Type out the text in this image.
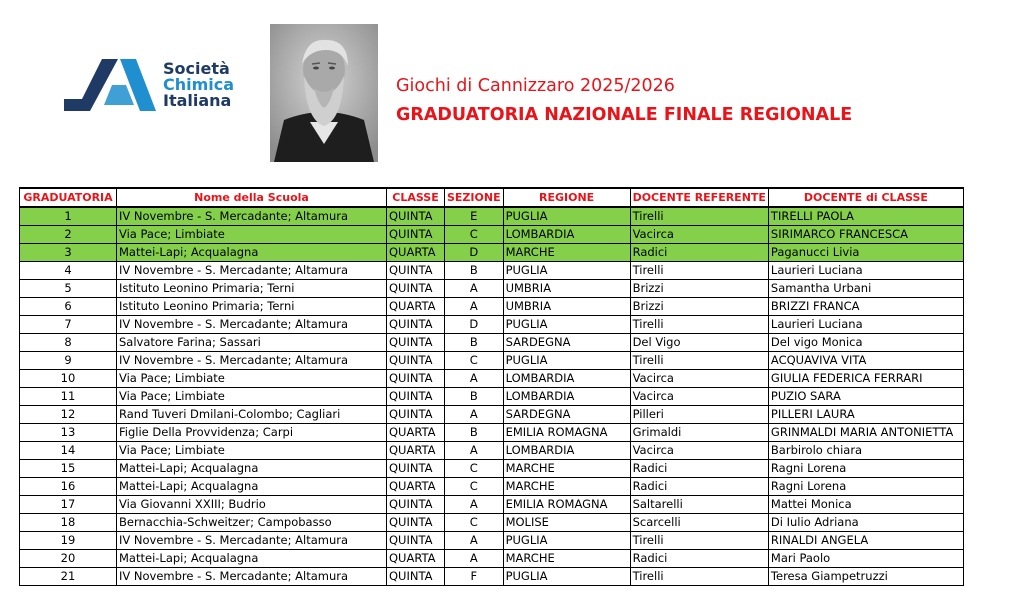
Società
Chimica
Italiana
Giochi di Cannizzaro 2025/2026
GRADUATORIA NAZIONALE FINALE REGIONALE
GRADUATORIA	Nome della Scuola	CLASSE	SEZIONE	REGIONE	DOCENTE REFERENTE	DOCENTE di CLASSE
1	IV Novembre - S. Mercadante; Altamura	QUINTA	E	PUGLIA	Tirelli	TIRELLI PAOLA
2	Via Pace; Limbiate	QUINTA	C	LOMBARDIA	Vacirca	SIRIMARCO FRANCESCA
3	Mattei-Lapi; Acqualagna	QUARTA	D	MARCHE	Radici	Paganucci Livia
4	IV Novembre - S. Mercadante; Altamura	QUINTA	B	PUGLIA	Tirelli	Laurieri Luciana
5	Istituto Leonino Primaria; Terni	QUINTA	A	UMBRIA	Brizzi	Samantha Urbani
6	Istituto Leonino Primaria; Terni	QUARTA	A	UMBRIA	Brizzi	BRIZZI FRANCA
7	IV Novembre - S. Mercadante; Altamura	QUINTA	D	PUGLIA	Tirelli	Laurieri Luciana
8	Salvatore Farina; Sassari	QUINTA	B	SARDEGNA	Del Vigo	Del vigo Monica
9	IV Novembre - S. Mercadante; Altamura	QUINTA	C	PUGLIA	Tirelli	ACQUAVIVA VITA
10	Via Pace; Limbiate	QUINTA	A	LOMBARDIA	Vacirca	GIULIA FEDERICA FERRARI
11	Via Pace; Limbiate	QUINTA	B	LOMBARDIA	Vacirca	PUZIO SARA
12	Rand Tuveri Dmilani-Colombo; Cagliari	QUINTA	A	SARDEGNA	Pilleri	PILLERI LAURA
13	Figlie Della Provvidenza; Carpi	QUARTA	B	EMILIA ROMAGNA	Grimaldi	GRINMALDI MARIA ANTONIETTA
14	Via Pace; Limbiate	QUARTA	A	LOMBARDIA	Vacirca	Barbirolo chiara
15	Mattei-Lapi; Acqualagna	QUINTA	C	MARCHE	Radici	Ragni Lorena
16	Mattei-Lapi; Acqualagna	QUARTA	C	MARCHE	Radici	Ragni Lorena
17	Via Giovanni XXIII; Budrio	QUINTA	A	EMILIA ROMAGNA	Saltarelli	Mattei Monica
18	Bernacchia-Schweitzer; Campobasso	QUINTA	C	MOLISE	Scarcelli	Di Iulio Adriana
19	IV Novembre - S. Mercadante; Altamura	QUINTA	A	PUGLIA	Tirelli	RINALDI ANGELA
20	Mattei-Lapi; Acqualagna	QUARTA	A	MARCHE	Radici	Mari Paolo
21	IV Novembre - S. Mercadante; Altamura	QUINTA	F	PUGLIA	Tirelli	Teresa Giampetruzzi
